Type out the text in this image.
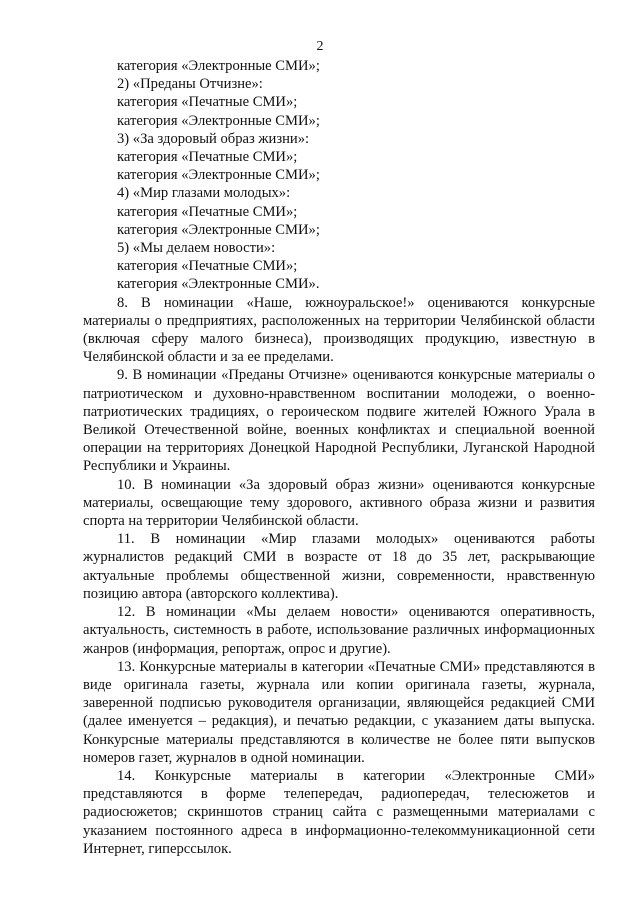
2

категория «Электронные СМИ»;

2) «Преданы Отчизне»:

категория «Печатные СМИ»;

категория «Электронные СМИ»;

3) «За здоровый образ жизни»:

категория «Печатные СМИ»;

категория «Электронные СМИ»;

4) «Мир глазами молодых»:

категория «Печатные СМИ»;

категория «Электронные СМИ»;

5) «Мы делаем новости»:

категория «Печатные СМИ»;

категория «Электронные СМИ».

8. В номинации «Наше, южноуральское!» оцениваются конкурсные материалы о предприятиях, расположенных на территории Челябинской области (включая сферу малого бизнеса), производящих продукцию, известную в Челябинской области и за ее пределами.

9. В номинации «Преданы Отчизне» оцениваются конкурсные материалы о патриотическом и духовно-нравственном воспитании молодежи, о военно-патриотических традициях, о героическом подвиге жителей Южного Урала в Великой Отечественной войне, военных конфликтах и специальной военной операции на территориях Донецкой Народной Республики, Луганской Народной Республики и Украины.

10. В номинации «За здоровый образ жизни» оцениваются конкурсные материалы, освещающие тему здорового, активного образа жизни и развития спорта на территории Челябинской области.

11. В номинации «Мир глазами молодых» оцениваются работы журналистов редакций СМИ в возрасте от 18 до 35 лет, раскрывающие актуальные проблемы общественной жизни, современности, нравственную позицию автора (авторского коллектива).

12. В номинации «Мы делаем новости» оцениваются оперативность, актуальность, системность в работе, использование различных информационных жанров (информация, репортаж, опрос и другие).

13. Конкурсные материалы в категории «Печатные СМИ» представляются в виде оригинала газеты, журнала или копии оригинала газеты, журнала, заверенной подписью руководителя организации, являющейся редакцией СМИ (далее именуется – редакция), и печатью редакции, с указанием даты выпуска. Конкурсные материалы представляются в количестве не более пяти выпусков номеров газет, журналов в одной номинации.

14. Конкурсные материалы в категории «Электронные СМИ» представляются в форме телепередач, радиопередач, телесюжетов и радиосюжетов; скриншотов страниц сайта с размещенными материалами с указанием постоянного адреса в информационно-телекоммуникационной сети Интернет, гиперссылок.
